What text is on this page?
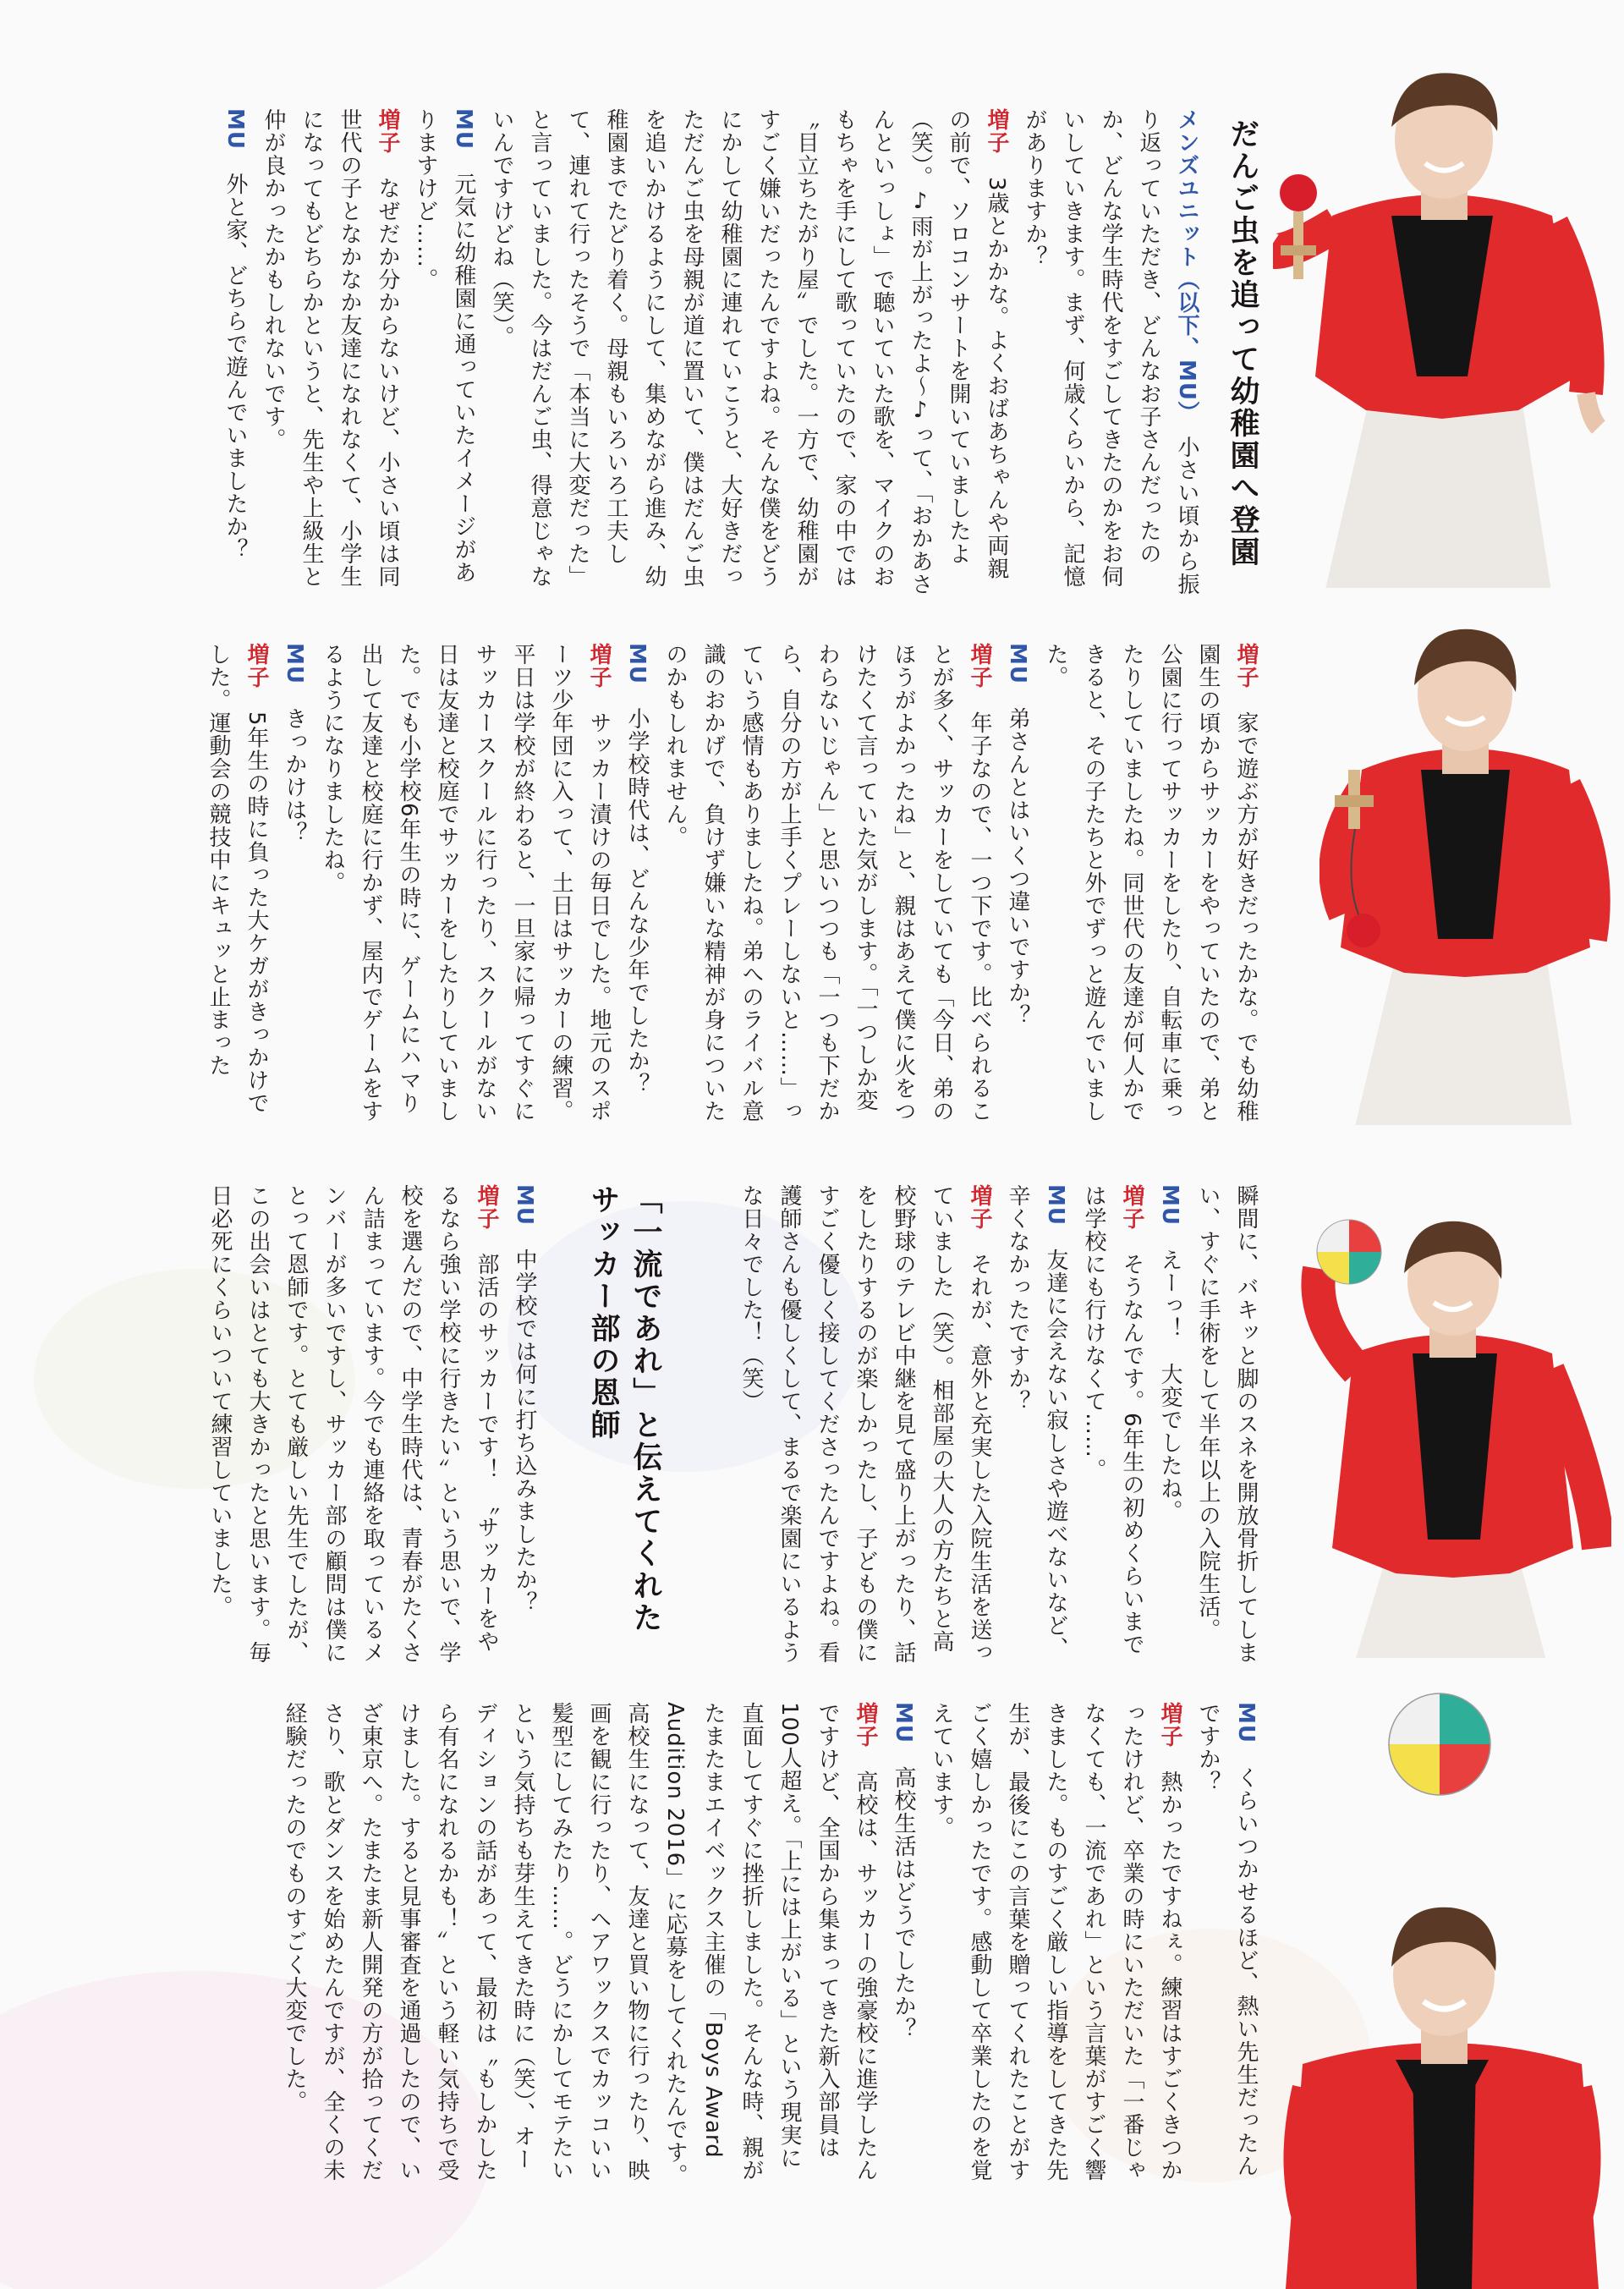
だんご虫を追って幼稚園へ登園

メンズユニット（以下、MU）　小さい頃から振り返っていただき、どんなお子さんだったのか、どんな学生時代をすごしてきたのかをお伺いしていきます。まず、何歳くらいから、記憶がありますか？

増子　3歳とかかな。よくおばあちゃんや両親の前で、ソロコンサートを開いていましたよ（笑）。♪雨が上がったよ〜♪って、「おかあさんといっしょ」で聴いていた歌を、マイクのおもちゃを手にして歌っていたので、家の中では〝目立ちたがり屋〟でした。一方で、幼稚園がすごく嫌いだったんですよね。そんな僕をどうにかして幼稚園に連れていこうと、大好きだっただんご虫を母親が道に置いて、僕はだんご虫を追いかけるようにして、集めながら進み、幼稚園までたどり着く。母親もいろいろ工夫して、連れて行ったそうで「本当に大変だった」と言っていました。今はだんご虫、得意じゃないんですけどね（笑）。

MU　元気に幼稚園に通っていたイメージがありますけど……。

増子　なぜだか分からないけど、小さい頃は同世代の子となかなか友達になれなくて、小学生になってもどちらかというと、先生や上級生と仲が良かったかもしれないです。

MU　外と家、どちらで遊んでいましたか？

増子　家で遊ぶ方が好きだったかな。でも幼稚園生の頃からサッカーをやっていたので、弟と公園に行ってサッカーをしたり、自転車に乗ったりしていましたね。同世代の友達が何人かできると、その子たちと外でずっと遊んでいました。

MU　弟さんとはいくつ違いですか？

増子　年子なので、一つ下です。比べられることが多く、サッカーをしていても「今日、弟のほうがよかったね」と、親はあえて僕に火をつけたくて言っていた気がします。「一つしか変わらないじゃん」と思いつつも「一つも下だから、自分の方が上手くプレーしないと……」っていう感情もありましたね。弟へのライバル意識のおかげで、負けず嫌いな精神が身についたのかもしれません。

MU　小学校時代は、どんな少年でしたか？

増子　サッカー漬けの毎日でした。地元のスポーツ少年団に入って、土日はサッカーの練習。平日は学校が終わると、一旦家に帰ってすぐにサッカースクールに行ったり、スクールがない日は友達と校庭でサッカーをしたりしていました。でも小学校6年生の時に、ゲームにハマり出して友達と校庭に行かず、屋内でゲームをするようになりましたね。

MU　きっかけは？

増子　5年生の時に負った大ケガがきっかけでした。運動会の競技中にキュッと止まった

瞬間に、バキッと脚のスネを開放骨折してしまい、すぐに手術をして半年以上の入院生活。

MU　えーっ！　大変でしたね。

増子　そうなんです。6年生の初めくらいまでは学校にも行けなくて……。

MU　友達に会えない寂しさや遊べないなど、辛くなかったですか？

増子　それが、意外と充実した入院生活を送っていました（笑）。相部屋の大人の方たちと高校野球のテレビ中継を見て盛り上がったり、話をしたりするのが楽しかったし、子どもの僕にすごく優しく接してくださったんですよね。看護師さんも優しくして、まるで楽園にいるような日々でした！（笑）

「一流であれ」と伝えてくれた
サッカー部の恩師

MU　中学校では何に打ち込みましたか？

増子　部活のサッカーです！　〝サッカーをやるなら強い学校に行きたい〟という思いで、学校を選んだので、中学生時代は、青春がたくさん詰まっています。今でも連絡を取っているメンバーが多いですし、サッカー部の顧問は僕にとって恩師です。とても厳しい先生でしたが、この出会いはとても大きかったと思います。毎日必死にくらいついて練習していました。

MU　くらいつかせるほど、熱い先生だったんですか？

増子　熱かったですねぇ。練習はすごくきつかったけれど、卒業の時にいただいた「一番じゃなくても、一流であれ」という言葉がすごく響きました。ものすごく厳しい指導をしてきた先生が、最後にこの言葉を贈ってくれたことがすごく嬉しかったです。感動して卒業したのを覚えています。

MU　高校生活はどうでしたか？

増子　高校は、サッカーの強豪校に進学したんですけど、全国から集まってきた新入部員は100人超え。「上には上がいる」という現実に直面してすぐに挫折しました。そんな時、親がたまたまエイベックス主催の「Boys Award Audition 2016」に応募をしてくれたんです。高校生になって、友達と買い物に行ったり、映画を観に行ったり、ヘアワックスでカッコいい髪型にしてみたり……。どうにかしてモテたいという気持ちも芽生えてきた時に（笑）、オーディションの話があって、最初は〝もしかしたら有名になれるかも！〟という軽い気持ちで受けました。すると見事審査を通過したので、いざ東京へ。たまたま新人開発の方が拾ってくださり、歌とダンスを始めたんですが、全くの未経験だったのでものすごく大変でした。
